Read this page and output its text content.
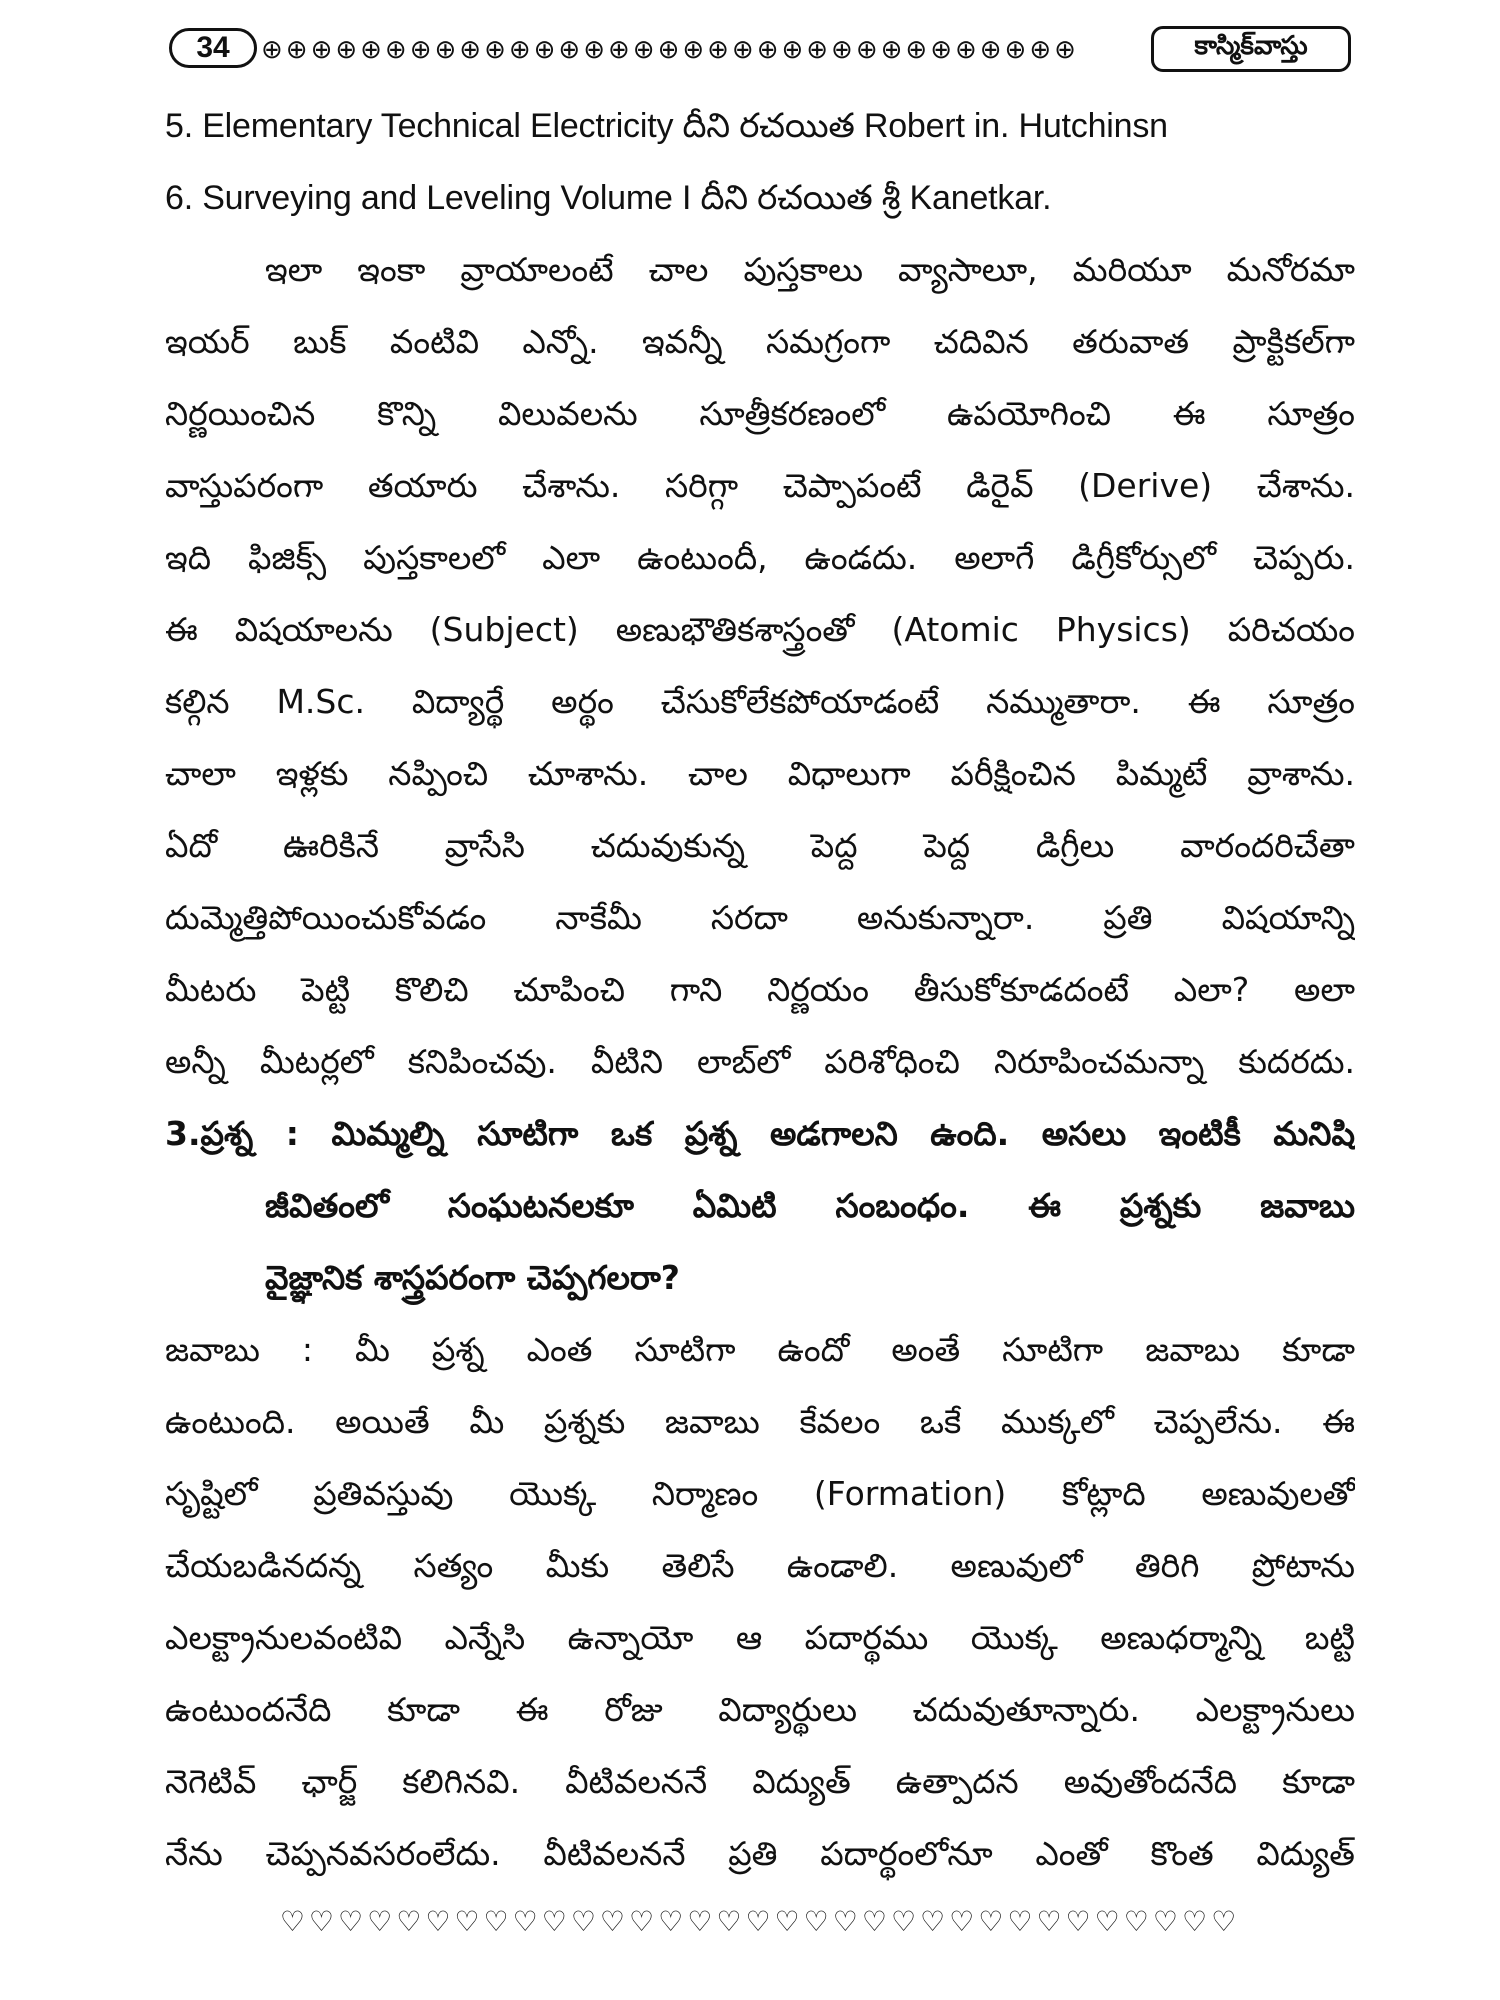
34	⊕⊕⊕⊕⊕⊕⊕⊕⊕⊕⊕⊕⊕⊕⊕⊕⊕⊕⊕⊕⊕⊕⊕⊕⊕⊕⊕⊕⊕⊕⊕⊕⊕	కాస్మిక్‌వాస్తు
5. Elementary Technical Electricity దీని రచయిత Robert in. Hutchinsn
6. Surveying and Leveling Volume I దీని రచయిత శ్రీ Kanetkar.
ఇలా ఇంకా వ్రాయాలంటే చాల పుస్తకాలు వ్యాసాలూ, మరియూ మనోరమా
ఇయర్ బుక్ వంటివి ఎన్నో. ఇవన్నీ సమగ్రంగా చదివిన తరువాత ప్రాక్టికల్‌గా
నిర్ణయించిన కొన్ని విలువలను సూత్రీకరణంలో ఉపయోగించి ఈ సూత్రం
వాస్తుపరంగా తయారు చేశాను. సరిగ్గా చెప్పాపంటే డిరైవ్ (Derive) చేశాను.
ఇది ఫిజిక్స్ పుస్తకాలలో ఎలా ఉంటుందీ, ఉండదు. అలాగే డిగ్రీకోర్సులో చెప్పరు.
ఈ విషయాలను (Subject) అణుభౌతికశాస్త్రంతో (Atomic Physics) పరిచయం
కల్గిన M.Sc. విద్యార్థే అర్థం చేసుకోలేకపోయాడంటే నమ్ముతారా. ఈ సూత్రం
చాలా ఇళ్లకు నప్పించి చూశాను. చాల విధాలుగా పరీక్షించిన పిమ్మటే వ్రాశాను.
ఏదో ఊరికినే వ్రాసేసి చదువుకున్న పెద్ద పెద్ద డిగ్రీలు వారందరిచేతా
దుమ్మెత్తిపోయించుకోవడం నాకేమీ సరదా అనుకున్నారా. ప్రతి విషయాన్ని
మీటరు పెట్టి కొలిచి చూపించి గాని నిర్ణయం తీసుకోకూడదంటే ఎలా? అలా
అన్నీ మీటర్లలో కనిపించవు. వీటిని లాబ్‌లో పరిశోధించి నిరూపించమన్నా కుదరదు.
3.ప్రశ్న : మిమ్మల్ని సూటిగా ఒక ప్రశ్న అడగాలని ఉంది. అసలు ఇంటికీ మనిషి
జీవితంలో సంఘటనలకూ ఏమిటి సంబంధం. ఈ ప్రశ్నకు జవాబు
వైజ్ఞానిక శాస్త్రపరంగా చెప్పగలరా?
జవాబు : మీ ప్రశ్న ఎంత సూటిగా ఉందో అంతే సూటిగా జవాబు కూడా
ఉంటుంది. అయితే మీ ప్రశ్నకు జవాబు కేవలం ఒకే ముక్కలో చెప్పలేను. ఈ
సృష్టిలో ప్రతివస్తువు యొక్క నిర్మాణం (Formation) కోట్లాది అణువులతో
చేయబడినదన్న సత్యం మీకు తెలిసే ఉండాలి. అణువులో తిరిగి ప్రోటాను
ఎలక్ట్రానులవంటివి ఎన్నేసి ఉన్నాయో ఆ పదార్థము యొక్క అణుధర్మాన్ని బట్టి
ఉంటుందనేది కూడా ఈ రోజు విద్యార్థులు చదువుతూన్నారు. ఎలక్ట్రానులు
నెగెటివ్ ఛార్జ్ కలిగినవి. వీటివలననే విద్యుత్ ఉత్పాదన అవుతోందనేది కూడా
నేను చెప్పనవసరంలేదు. వీటివలననే ప్రతి పదార్థంలోనూ ఎంతో కొంత విద్యుత్
♡♡♡♡♡♡♡♡♡♡♡♡♡♡♡♡♡♡♡♡♡♡♡♡♡♡♡♡♡♡♡♡♡
